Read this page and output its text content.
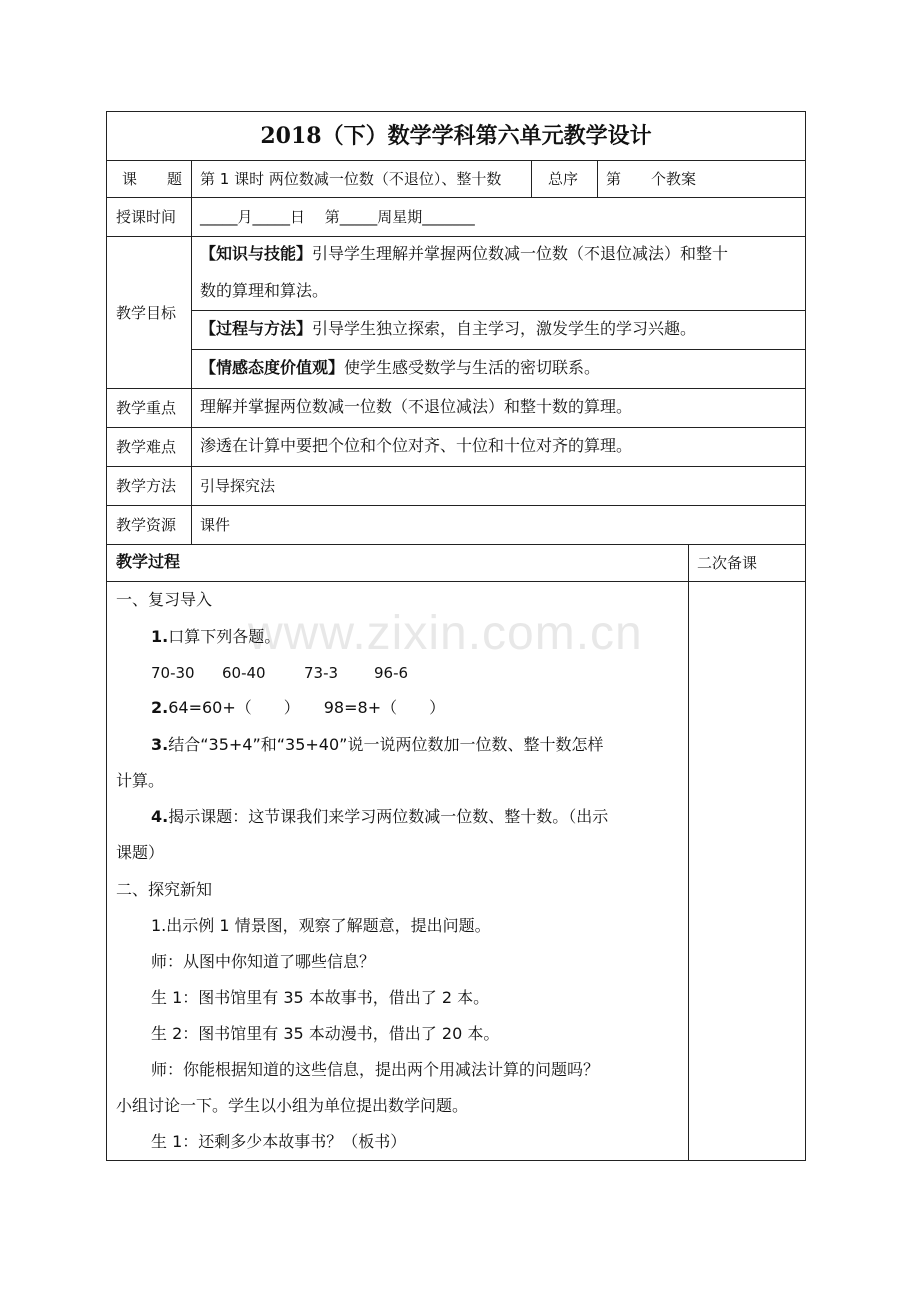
2018（下）数学学科第六单元教学设计
课　　题 第 1 课时 两位数减一位数（不退位）、整十数	总序 第　　个教案
授课时间 _____月_____日　 第_____周星期_______
教学目标
【知识与技能】引导学生理解并掌握两位数减一位数（不退位减法）和整十
数的算理和算法。
【过程与方法】引导学生独立探索，自主学习，激发学生的学习兴趣。
【情感态度价值观】使学生感受数学与生活的密切联系。
教学重点 理解并掌握两位数减一位数（不退位减法）和整十数的算理。
教学难点 渗透在计算中要把个位和个位对齐、十位和十位对齐的算理。
教学方法 引导探究法
教学资源 课件
教学过程	二次备课
www.zixin.com.cn
一、复习导入
1.口算下列各题。
70-30 60-40	73-3 96-6
2.64=60+（　　）　　98=8+（　　）
3.结合“35+4”和“35+40”说一说两位数加一位数、整十数怎样
计算。
4.揭示课题：这节课我们来学习两位数减一位数、整十数。（出示
课题）
二、探究新知
1.出示例 1 情景图，观察了解题意，提出问题。
师：从图中你知道了哪些信息？
生 1：图书馆里有 35 本故事书，借出了 2 本。
生 2：图书馆里有 35 本动漫书，借出了 20 本。
师：你能根据知道的这些信息，提出两个用减法计算的问题吗？
小组讨论一下。学生以小组为单位提出数学问题。
生 1：还剩多少本故事书？（板书）
